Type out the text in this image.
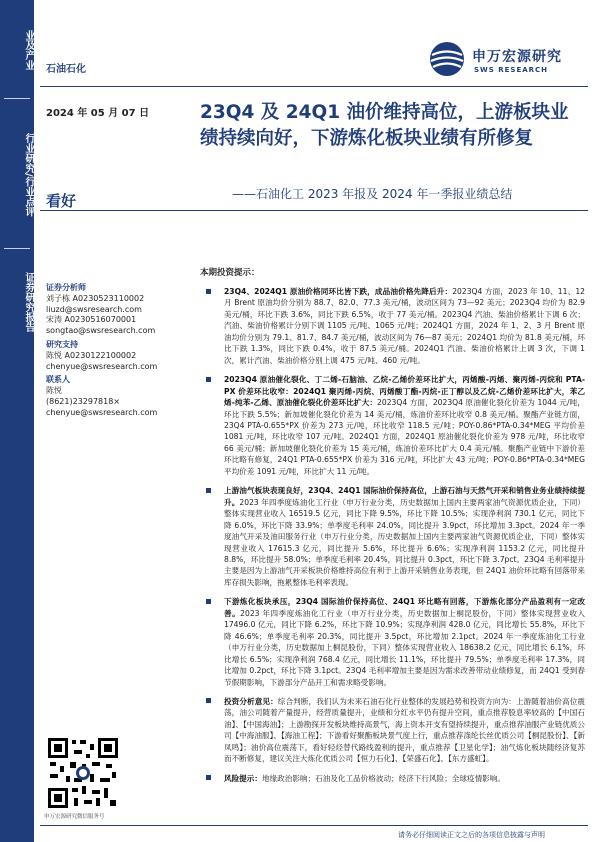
业及产业
行业研究/行业点评
证券研究报告
石油石化
申万宏源研究
SWS RESEARCH
2024 年 05 月 07 日
看好
23Q4 及 24Q1 油价维持高位，上游板块业绩持续向好，下游炼化板块业绩有所修复
——石油化工 2023 年报及 2024 年一季报业绩总结
证券分析师
刘子栋 A0230523110002
liuzd@swsresearch.com
宋涛 A0230516070001
songtao@swsresearch.com
研究支持
陈悦 A0230122100002
chenyue@swsresearch.com
联系人
陈悦
(8621)23297818×
chenyue@swsresearch.com
申万宏源研究微信服务号
本期投资提示：
23Q4、2024Q1 原油价格同环比皆下跌，成品油价格先降后升：2023Q4 方面，2023 年 10、11、12 月 Brent 原油均价分别为 88.7、82.0、77.3 美元/桶，波动区间为 73—92 美元；2023Q4 均价为 82.9 美元/桶，环比下跌 3.6%，同比下跌 6.5%，收于 77 美元/桶。2023Q4 汽油、柴油价格累计下调 6 次；汽油、柴油价格累计分别下调 1105 元/吨、1065 元/吨；2024Q1 方面，2024 年 1、2、3 月 Brent 原油均价分别为 79.1、81.7、84.7 美元/桶，波动区间为 76—87 美元；2024Q1 均价为 81.8 美元/桶，环比下跌 1.3%，同比下跌 0.4%，收于 87.5 美元/桶。2024Q1 汽油、柴油价格累计上调 3 次，下调 1 次，累计汽油、柴油价格分别上调 475 元/吨、460 元/吨。
2023Q4 原油催化裂化、丁二烯-石脑油、乙烷-乙烯价差环比扩大，丙烯酸-丙烯、聚丙烯-丙烷和 PTA-PX 价差环比收窄：2024Q1 聚丙烯-丙烷、丙烯酸丁酯-丙烷-正丁醇以及乙烷-乙烯价差环比扩大，苯乙烯-纯苯-乙烯、原油催化裂化价差环比扩大：2023Q4 方面，2023Q4 原油催化裂化价差为 1044 元/吨，环比下跌 5.5%；新加坡催化裂化价差为 14 美元/桶，炼油价差环比收窄 0.8 美元/桶。聚酯产业链方面，23Q4 PTA-0.655*PX 价差为 273 元/吨，环比收窄 118.5 元/吨；POY-0.86*PTA-0.34*MEG 平均价差 1081 元/吨，环比收窄 107 元/吨。2024Q1 方面，2024Q1 原油催化裂化价差为 978 元/吨，环比收窄 66 美元/桶；新加坡催化裂化价差为 15 美元/桶，炼油价差环比扩大 0.4 美元/桶。聚酯产业链中下游价差环比略有修复，24Q1 PTA-0.655*PX 价差为 316 元/吨，环比扩大 43 元/吨；POY-0.86*PTA-0.34*MEG 平均价差 1091 元/吨，环比扩大 11 元/吨。
上游油气板块表现良好，23Q4、24Q1 国际油价保持高位，上游石油与天然气开采和销售业务业绩持续提升。2023 年四季度炼油化工行业（申万行业分类，历史数据加上国内主要两家油气资源优质企业，下同）整体实现营业收入 16519.5 亿元，同比下降 9.5%，环比下降 10.5%；实现净利润 730.1 亿元，同比下降 6.0%，环比下降 33.9%；单季度毛利率 24.0%，同比提升 3.9pct，环比增加 3.3pct。2024 年一季度油气开采及油田服务行业（申万行业分类，历史数据加上国内主要两家油气资源优质企业，下同）整体实现营业收入 17615.3 亿元，同比提升 5.6%，环比提升 6.6%；实现净利润 1153.2 亿元，同比提升 8.8%，环比提升 58.0%；单季度毛利率 20.4%，同比提升 0.3pct，环比下降 3.7pct。23Q4 毛利率提升主要是因为上游油气开采板块价格维持高位有利于上游开采销售业务表现，但 24Q1 油价环比略有回落带来库存损失影响，拖累整体毛利率表现。
下游炼化板块承压，23Q4 国际油价保持高位、24Q1 环比略有回落，下游炼化部分产品盈利有一定改善。2023 年四季度炼油化工行业（申万行业分类，历史数据加上桐昆股份，下同）整体实现营业收入 17496.0 亿元，同比下降 6.2%，环比下降 10.9%；实现净利润 428.0 亿元，同比增长 55.8%，环比下降 46.6%；单季度毛利率 20.3%，同比提升 3.5pct，环比增加 2.1pct。2024 年一季度炼油化工行业（申万行业分类，历史数据加上桐昆股份，下同）整体实现营业收入 18638.2 亿元，同比增长 6.1%，环比增长 6.5%；实现净利润 768.4 亿元，同比增长 11.1%，环比提升 79.5%；单季度毛利率 17.3%，同比增加 0.2pct，环比下降 3.1pct。23Q4 毛利率增加主要是因为需求改善带动业绩修复，而 24Q1 受到春节假期影响，下游部分产品开工和需求略受影响。
投资分析意见：综合判断，我们认为未来石油石化行业整体的发展趋势和投资方向为：上游随着油价高位震荡，油公司随着产量提升，经营质量提升，业绩和分红水平仍有提升空间，重点推荐股息率较高的【中国石油】、【中国海油】；上游勘探开发板块维持高景气，海上资本开支有望持续提升，重点推荐油服产业链优质公司【中海油服】、【海油工程】；下游看好聚酯板块景气度上行，重点推荐涤纶长丝优质公司【桐昆股份】、【新凤鸣】；油价高位震荡下，看好轻烃替代路线盈利的提升，重点推荐【卫星化学】；油气炼化板块随经济复苏而不断修复，建议关注大炼化优质公司【恒力石化】、【荣盛石化】、【东方盛虹】。
风险提示：地缘政治影响；石油及化工品价格波动；经济下行风险；全球疫情影响。
请务必仔细阅读正文之后的各项信息披露与声明
